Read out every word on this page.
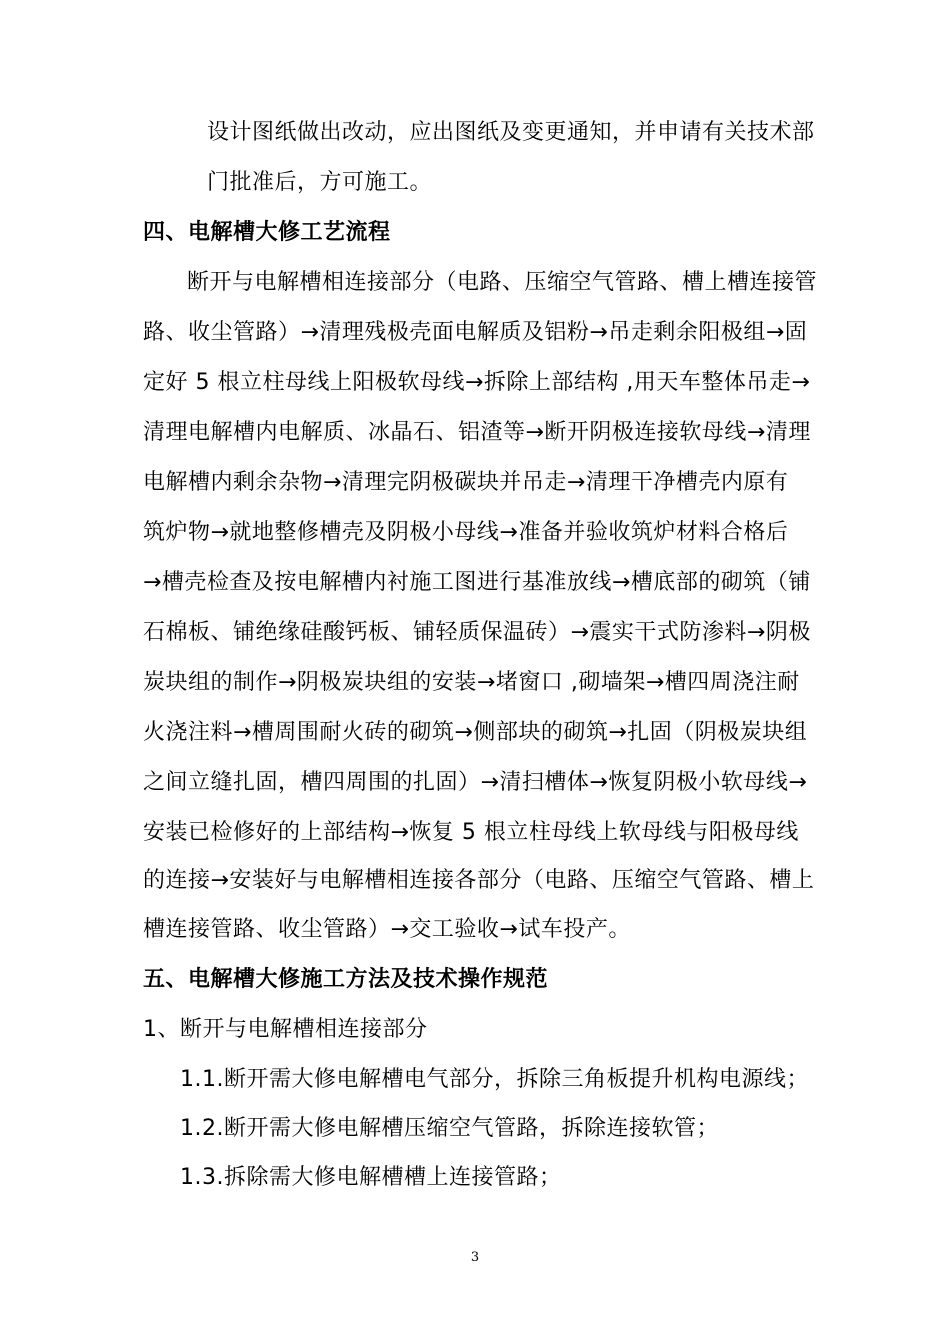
设计图纸做出改动，应出图纸及变更通知，并申请有关技术部
门批准后，方可施工。
四、电解槽大修工艺流程
断开与电解槽相连接部分（电路、压缩空气管路、槽上槽连接管
路、收尘管路）→清理残极壳面电解质及铝粉→吊走剩余阳极组→固
定好 5 根立柱母线上阳极软母线→拆除上部结构 ,用天车整体吊走→
清理电解槽内电解质、冰晶石、铝渣等→断开阴极连接软母线→清理
电解槽内剩余杂物→清理完阴极碳块并吊走→清理干净槽壳内原有
筑炉物→就地整修槽壳及阴极小母线→准备并验收筑炉材料合格后
→槽壳检查及按电解槽内衬施工图进行基准放线→槽底部的砌筑（铺
石棉板、铺绝缘硅酸钙板、铺轻质保温砖）→震实干式防渗料→阴极
炭块组的制作→阴极炭块组的安装→堵窗口 ,砌墙架→槽四周浇注耐
火浇注料→槽周围耐火砖的砌筑→侧部块的砌筑→扎固（阴极炭块组
之间立缝扎固，槽四周围的扎固）→清扫槽体→恢复阴极小软母线→
安装已检修好的上部结构→恢复 5 根立柱母线上软母线与阳极母线
的连接→安装好与电解槽相连接各部分（电路、压缩空气管路、槽上
槽连接管路、收尘管路）→交工验收→试车投产。
五、电解槽大修施工方法及技术操作规范
1、断开与电解槽相连接部分
1.1.断开需大修电解槽电气部分，拆除三角板提升机构电源线；
1.2.断开需大修电解槽压缩空气管路，拆除连接软管；
1.3.拆除需大修电解槽槽上连接管路；
3
